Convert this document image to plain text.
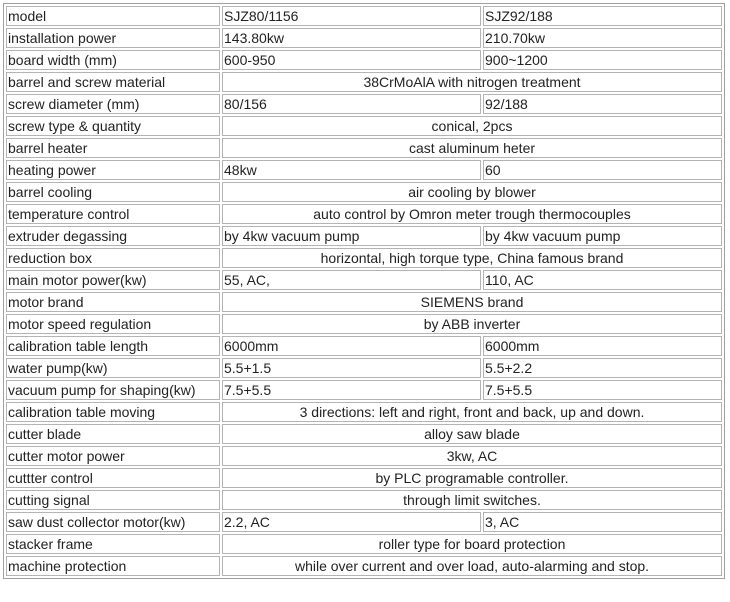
model	SJZ80/1156	SJZ92/188
installation power	143.80kw	210.70kw
board width (mm)	600-950	900~1200
barrel and screw material	38CrMoAlA with nitrogen treatment	
screw diameter (mm)	80/156	92/188
screw type & quantity	conical, 2pcs	
barrel heater	cast aluminum heter	
heating power	48kw	60
barrel cooling	air cooling by blower	
temperature control	auto control by Omron meter trough thermocouples	
extruder degassing	by 4kw vacuum pump	by 4kw vacuum pump
reduction box	horizontal, high torque type, China famous brand	
main motor power(kw)	55, AC,	110, AC
motor brand	SIEMENS brand	
motor speed regulation	by ABB inverter	
calibration table length	6000mm	6000mm
water pump(kw)	5.5+1.5	5.5+2.2
vacuum pump for shaping(kw)	7.5+5.5	7.5+5.5
calibration table moving	3 directions: left and right, front and back, up and down.	
cutter blade	alloy saw blade	
cutter motor power	3kw, AC	
cuttter control	by PLC programable controller.	
cutting signal	through limit switches.	
saw dust collector motor(kw)	2.2, AC	3, AC
stacker frame	roller type for board protection	
machine protection	while over current and over load, auto-alarming and stop.	
